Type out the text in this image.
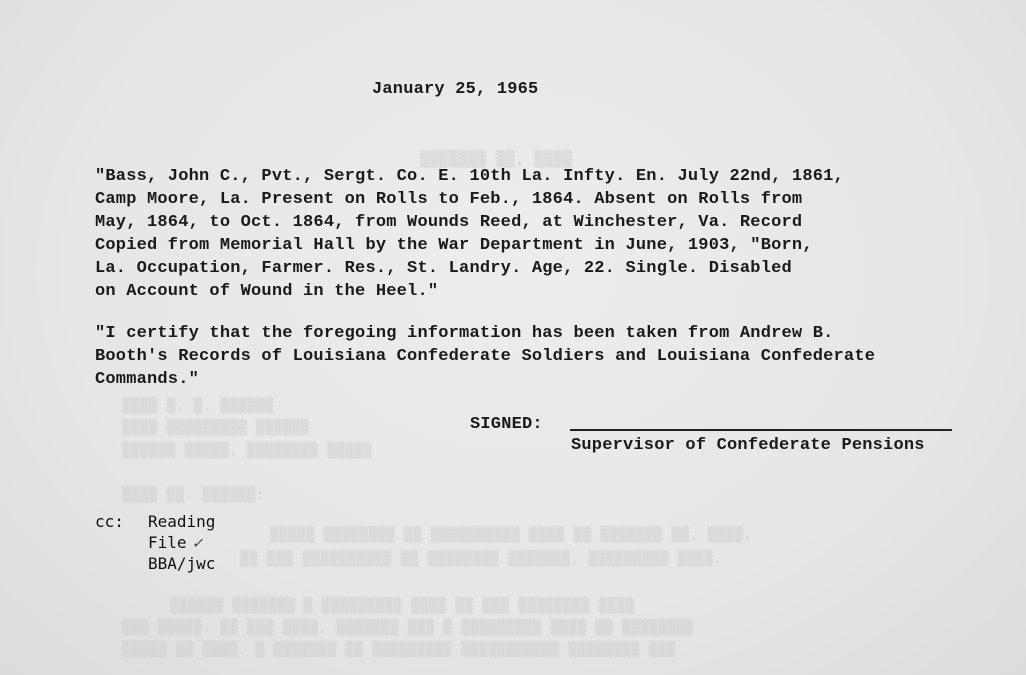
▒▒▒▒▒▒▒ ▒▒, ▒▒▒▒
▒▒▒▒ ▒. ▒. ▒▒▒▒▒▒
▒▒▒▒ ▒▒▒▒▒▒▒▒▒ ▒▒▒▒▒▒
▒▒▒▒▒▒ ▒▒▒▒▒, ▒▒▒▒▒▒▒▒ ▒▒▒▒▒
▒▒▒▒ ▒▒. ▒▒▒▒▒▒:
▒▒▒▒▒ ▒▒▒▒▒▒▒▒ ▒▒ ▒▒▒▒▒▒▒▒▒▒ ▒▒▒▒ ▒▒ ▒▒▒▒▒▒▒ ▒▒, ▒▒▒▒,
▒▒ ▒▒▒ ▒▒▒▒▒▒▒▒▒▒ ▒▒ ▒▒▒▒▒▒▒▒ ▒▒▒▒▒▒▒, ▒▒▒▒▒▒▒▒▒ ▒▒▒▒.
▒▒▒▒▒▒ ▒▒▒▒▒▒▒ ▒ ▒▒▒▒▒▒▒▒▒ ▒▒▒▒ ▒▒ ▒▒▒ ▒▒▒▒▒▒▒▒ ▒▒▒▒
▒▒▒ ▒▒▒▒▒. ▒▒ ▒▒▒ ▒▒▒▒, ▒▒▒▒▒▒▒ ▒▒▒ ▒ ▒▒▒▒▒▒▒▒▒ ▒▒▒▒ ▒▒ ▒▒▒▒▒▒▒▒
▒▒▒▒▒ ▒▒ ▒▒▒▒. ▒ ▒▒▒▒▒▒▒ ▒▒ ▒▒▒▒▒▒▒▒▒ ▒▒▒▒▒▒▒▒▒▒▒ ▒▒▒▒▒▒▒▒ ▒▒▒
January 25, 1965
"Bass, John C., Pvt., Sergt. Co. E. 10th La. Infty. En. July 22nd, 1861,
Camp Moore, La. Present on Rolls to Feb., 1864. Absent on Rolls from
May, 1864, to Oct. 1864, from Wounds Reed, at Winchester, Va. Record
Copied from Memorial Hall by the War Department in June, 1903, "Born,
La. Occupation, Farmer. Res., St. Landry. Age, 22. Single. Disabled
on Account of Wound in the Heel."
"I certify that the foregoing information has been taken from Andrew B.
Booth's Records of Louisiana Confederate Soldiers and Louisiana Confederate
Commands."
SIGNED:
Supervisor of Confederate Pensions
cc: Reading
File ✓
BBA/jwc
